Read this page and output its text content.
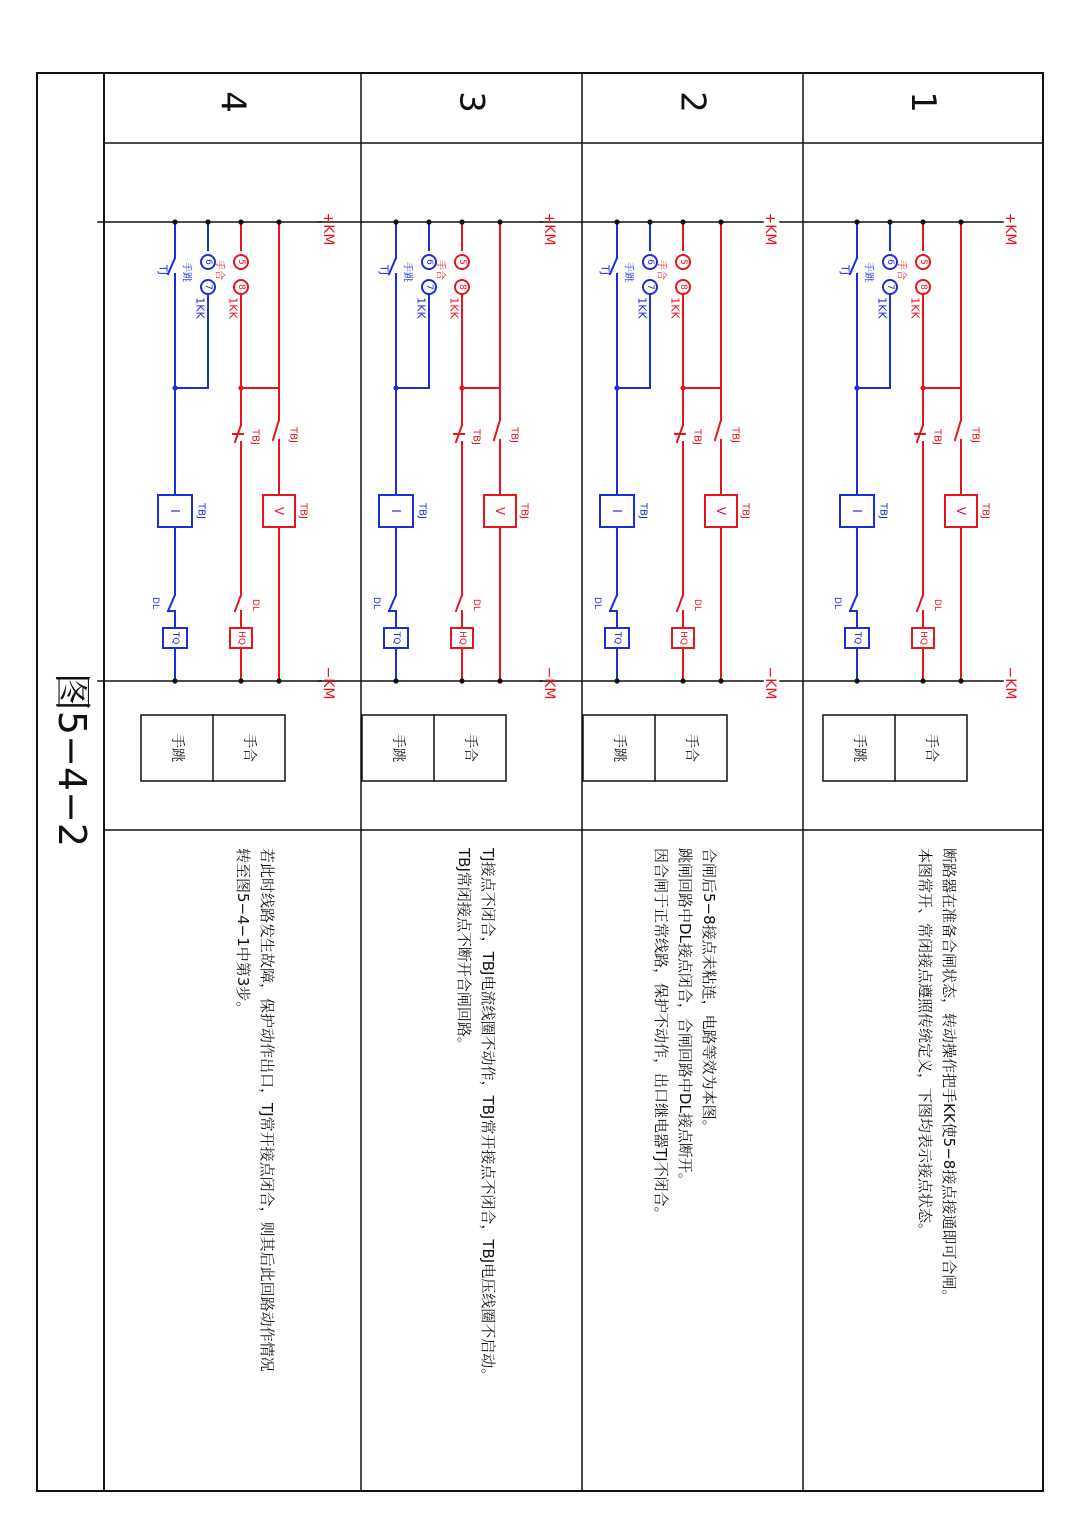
图5−4−2
1
+KM
−KM
5
手合
8
1KK
TBJ
V TBJ
TBJ
DL
HQ
6
手跳
7
1KK
TJ
I TBJ
DL
TQ
手合
手跳
断路器在准备合闸状态，转动操作把手KK使5−8接点接通即可合闸。
本图常开、常闭接点遵照传统定义，下图均表示接点状态。
2
+KM
−KM
5
手合
8
1KK
TBJ
V TBJ
TBJ
DL
HQ
6
手跳
7
1KK
TJ
I TBJ
DL
TQ
手合
手跳
合闸后5−8接点未粘连，电路等效为本图。
跳闸回路中DL接点闭合，合闸回路中DL接点断开。
因合闸于正常线路，保护不动作，出口继电器TJ不闭合。
3
+KM
−KM
5
手合
8
1KK
TBJ
V TBJ
TBJ
DL
HQ
6
手跳
7
1KK
TJ
I TBJ
DL
TQ
手合
手跳
TJ接点不闭合，TBJ电流线圈不动作，TBJ常开接点不闭合，TBJ电压线圈不启动。
TBJ常闭接点不断开合闸回路。
4
+KM
−KM
5
手合
8
1KK
TBJ
V TBJ
TBJ
DL
HQ
6
手跳
7
1KK
TJ
I TBJ
DL
TQ
手合
手跳
若此时线路发生故障，保护动作出口，TJ常开接点闭合，则其后此回路动作情况
转至图5−4−1中第3步。
